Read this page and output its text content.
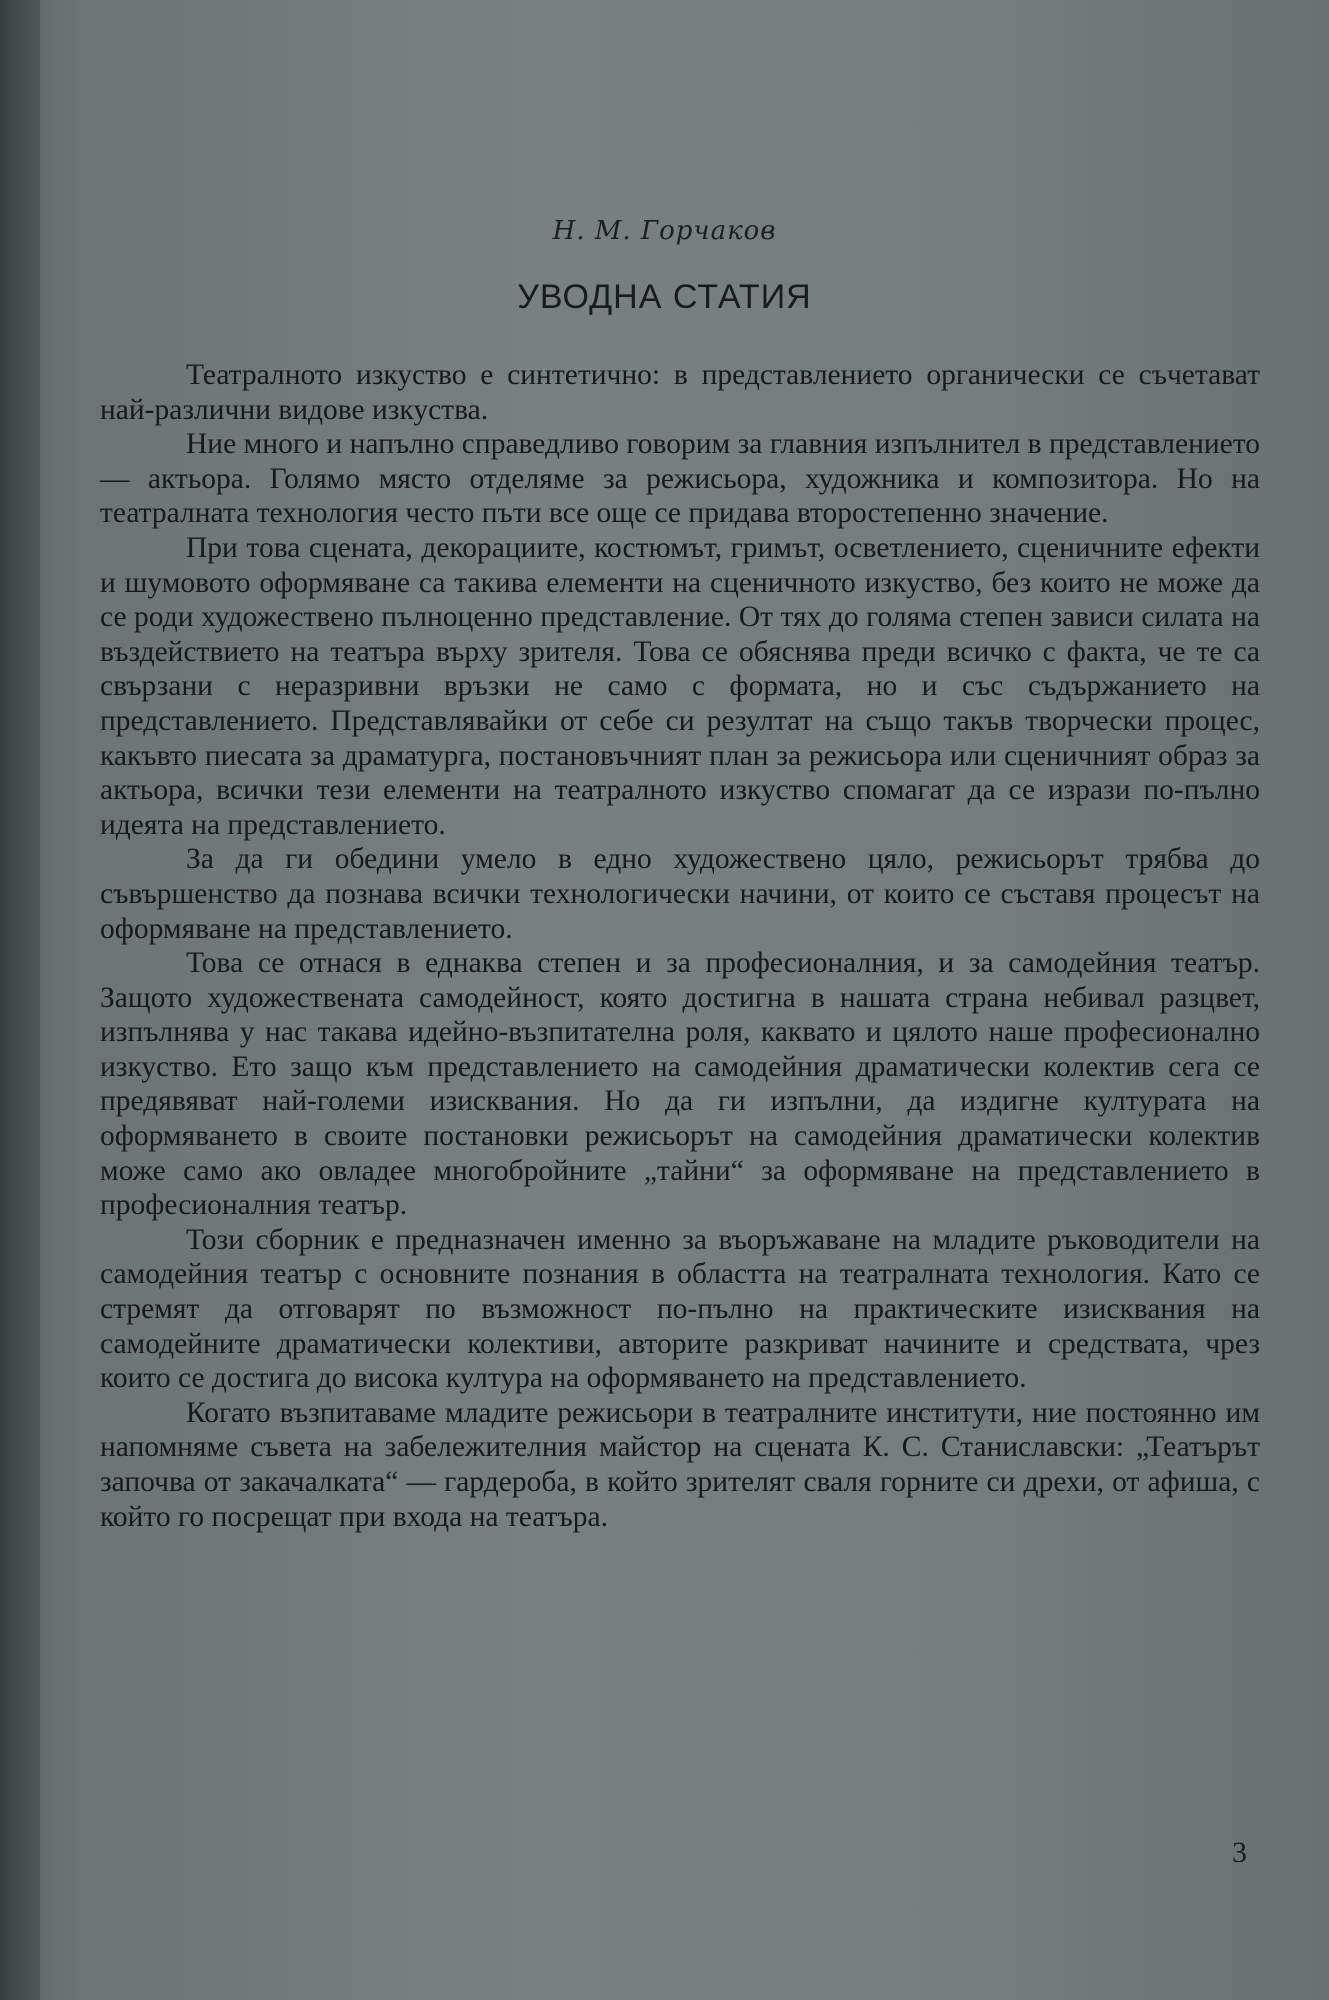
Н. М. Горчаков
УВОДНА СТАТИЯ

Театралното изкуство е синтетично: в представлението органически се съчетават най-различни видове изкуства.

Ние много и напълно справедливо говорим за главния изпълнител в представлението — актьора. Голямо място отделяме за режисьора, художника и композитора. Но на театралната технология често пъти все още се придава второстепенно значение.

При това сцената, декорациите, костюмът, гримът, осветлението, сценичните ефекти и шумовото оформяване са такива елементи на сценичното изкуство, без които не може да се роди художествено пълноценно представление. От тях до голяма степен зависи силата на въздействието на театъра върху зрителя. Това се обяснява преди всичко с факта, че те са свързани с неразривни връзки не само с формата, но и със съдържанието на представлението. Представлявайки от себе си резултат на също такъв творчески процес, какъвто пиесата за драматурга, постановъчният план за режисьора или сценичният образ за актьора, всички тези елементи на театралното изкуство спомагат да се изрази по-пълно идеята на представлението.

За да ги обедини умело в едно художествено цяло, режисьорът трябва до съвършенство да познава всички технологически начини, от които се съставя процесът на оформяване на представлението.

Това се отнася в еднаква степен и за професионалния, и за самодейния театър. Защото художествената самодейност, която достигна в нашата страна небивал разцвет, изпълнява у нас такава идейно-възпитателна роля, каквато и цялото наше професионално изкуство. Ето защо към представлението на самодейния драматически колектив сега се предявяват най-големи изисквания. Но да ги изпълни, да издигне културата на оформяването в своите постановки режисьорът на самодейния драматически колектив може само ако овладее многобройните „тайни“ за оформяване на представлението в професионалния театър.

Този сборник е предназначен именно за въоръжаване на младите ръководители на самодейния театър с основните познания в областта на театралната технология. Като се стремят да отговарят по възможност по-пълно на практическите изисквания на самодейните драматически колективи, авторите разкриват начините и средствата, чрез които се достига до висока култура на оформяването на представлението.

Когато възпитаваме младите режисьори в театралните институти, ние постоянно им напомняме съвета на забележителния майстор на сцената К. С. Станиславски: „Театърът започва от закачалката“ — гардероба, в който зрителят сваля горните си дрехи, от афиша, с който го посрещат при входа на театъра.

3
